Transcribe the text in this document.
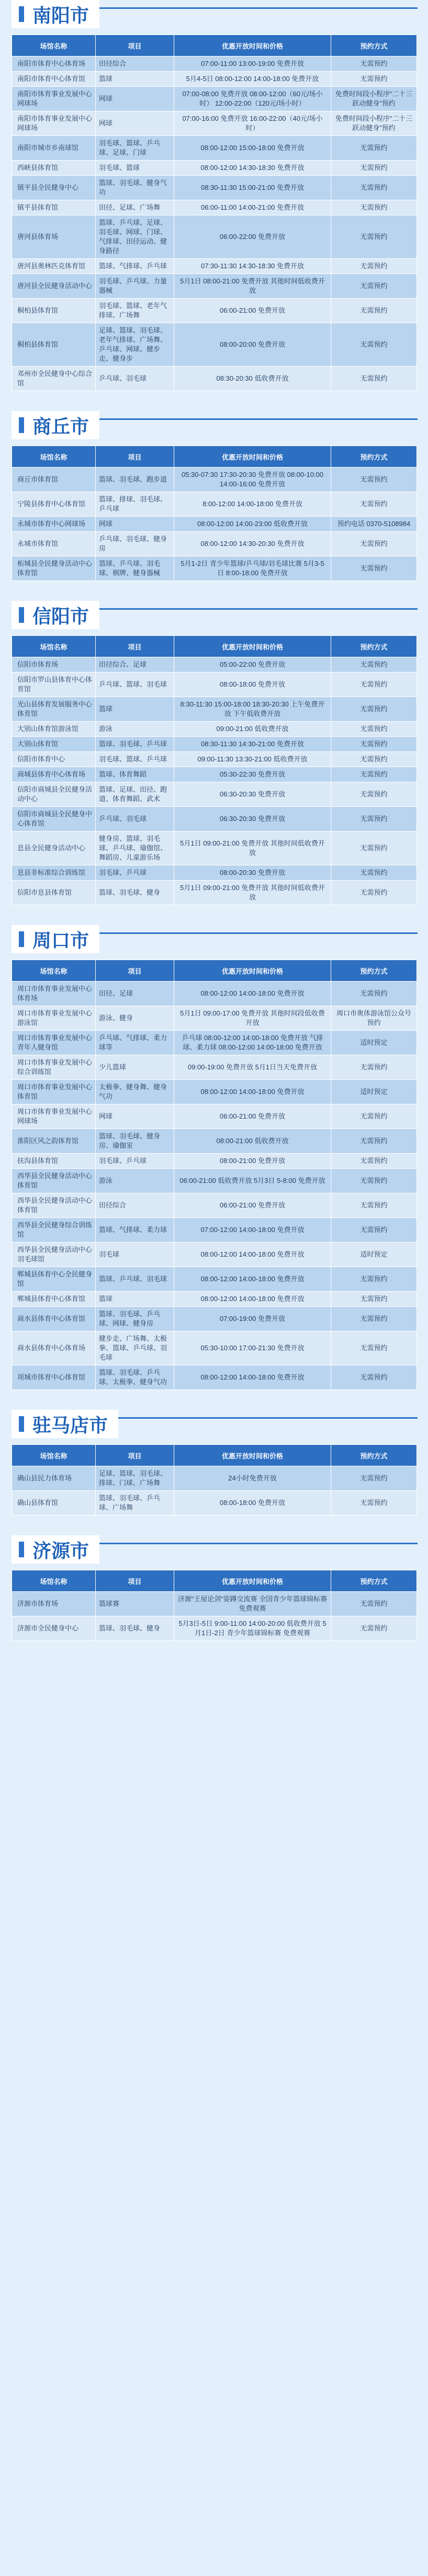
南阳市
场馆名称	项目	优惠开放时间和价格	预约方式
南阳市体育中心体育场	田径综合	07:00-11:00 13:00-19:00 免费开放	无需预约
南阳市体育中心体育馆	篮球	5月4-5日 08:00-12:00 14:00-18:00 免费开放	无需预约
南阳市体育事业发展中心网球场	网球	07:00-08:00 免费开放 08:00-12:00（60元/场小时） 12:00-22:00（120元/场小时）	免费时间段小程序“二十三跃动健身”预约
南阳市体育事业发展中心网球场	网球	07:00-16:00 免费开放 16:00-22:00（40元/场小时）	免费时间段小程序“二十三跃动健身”预约
南阳市城市乡南球馆	羽毛球、篮球、乒乓球、足球、门球	08:00-12:00 15:00-18:00 免费开放	无需预约
西峡县体育馆	羽毛球、篮球	08:00-12:00 14:30-18:30 免费开放	无需预约
镇平县全民健身中心	篮球、羽毛球、健身气功	08:30-11:30 15:00-21:00 免费开放	无需预约
镇平县体育馆	田径、足球、广场舞	06:00-11:00 14:00-21:00 免费开放	无需预约
唐河县体育场	篮球、乒乓球、足球、羽毛球、网球、门球、气排球、田径运动、健身路径	06:00-22:00 免费开放	无需预约
唐河县奥林匹克体育馆	篮球、气排球、乒乓球	07:30-11:30 14:30-18:30 免费开放	无需预约
唐河县全民健身活动中心	羽毛球、乒乓球、力量器械	5月1日 08:00-21:00 免费开放 其他时间低收费开放	无需预约
桐柏县体育馆	羽毛球、篮球、老年气排球、广场舞	06:00-21:00 免费开放	无需预约
桐柏县体育馆	足球、篮球、羽毛球、老年气排球、广场舞、乒乓球、网球、健步走、健身步	08:00-20:00 免费开放	无需预约
邓州市全民健身中心综合馆	乒乓球、羽毛球	08:30-20:30 低收费开放	无需预约
商丘市
场馆名称	项目	优惠开放时间和价格	预约方式
商丘市体育馆	篮球、羽毛球、跑步道	05:30-07:30 17:30-20:30 免费开放 08:00-10:00 14:00-16:00 免费开放	无需预约
宁陵县体育中心体育馆	篮球、排球、羽毛球、乒乓球	8:00-12:00 14:00-18:00 免费开放	无需预约
永城市体育中心网球场	网球	08:00-12:00 14:00-23:00 低收费开放	预约电话 0370-5108984
永城市体育馆	乒乓球、羽毛球、健身房	08:00-12:00 14:30-20:30 免费开放	无需预约
柘城县全民健身活动中心体育馆	篮球、乒乓球、羽毛球、棋牌、健身器械	5月1-2日 青少年篮球/乒乓球/羽毛球比赛 5月3-5日 8:00-18:00 免费开放	无需预约
信阳市
场馆名称	项目	优惠开放时间和价格	预约方式
信阳市体育场	田径综合、足球	05:00-22:00 免费开放	无需预约
信阳市罗山县体育中心体育馆	乒乓球、篮球、羽毛球	08:00-18:00 免费开放	无需预约
光山县体育发展服务中心体育馆	篮球	8:30-11:30 15:00-18:00 18:30-20:30 上午免费开放 下午低收费开放	无需预约
大别山体育馆游泳馆	游泳	09:00-21:00 低收费开放	无需预约
大别山体育馆	篮球、羽毛球、乒乓球	08:30-11:30 14:30-21:00 免费开放	无需预约
信阳市体育中心	羽毛球、篮球、乒乓球	09:00-11:30 13:30-21:00 低收费开放	无需预约
商城县体育中心体育场	篮球、体育舞蹈	05:30-22:30 免费开放	无需预约
信阳市商城县全民健身活动中心	篮球、足球、田径、跑道、体育舞蹈、武术	06:30-20:30 免费开放	无需预约
信阳市商城县全民健身中心体育馆	乒乓球、羽毛球	06:30-20:30 免费开放	无需预约
息县全民健身活动中心	健身房、篮球、羽毛球、乒乓球、瑜伽馆、舞蹈房、儿童游乐场	5月1日 09:00-21:00 免费开放 其他时间低收费开放	无需预约
息县非标准综合训练馆	羽毛球、乒乓球	08:00-20:30 免费开放	无需预约
信阳市息县体育馆	篮球、羽毛球、健身	5月1日 09:00-21:00 免费开放 其他时间低收费开放	无需预约
周口市
场馆名称	项目	优惠开放时间和价格	预约方式
周口市体育事业发展中心体育场	田径、足球	08:00-12:00 14:00-18:00 免费开放	无需预约
周口市体育事业发展中心游泳馆	游泳、健身	5月1日 09:00-17:00 免费开放 其他时间段低收费开放	周口市奥体游泳馆公众号预约
周口市体育事业发展中心青年人健身馆	乒乓球、气排球、柔力球等	乒乓球 08:00-12:00 14:00-18:00 免费开放 气排球、柔力球 08:00-12:00 14:00-18:00 免费开放	适时预定
周口市体育事业发展中心综合训练馆	少儿篮球	09:00-19:00 免费开放 5月1日当天免费开放	无需预约
周口市体育事业发展中心体育馆	太极拳、健身舞、健身气功	08:00-12:00 14:00-18:00 免费开放	适时预定
周口市体育事业发展中心网球场	网球	06:00-21:00 免费开放	无需预约
淮阳区风之韵体育馆	篮球、羽毛球、健身房、瑜伽室	08:00-21:00 低收费开放	无需预约
扶沟县体育馆	羽毛球、乒乓球	08:00-21:00 免费开放	无需预约
西华县全民健身活动中心体育馆	游泳	06:00-21:00 低收费开放 5月3日 5-8:00 免费开放	无需预约
西华县全民健身活动中心体育馆	田径综合	06:00-21:00 免费开放	无需预约
西华县全民健身综合训练馆	篮球、气排球、柔力球	07:00-12:00 14:00-18:00 免费开放	无需预约
西华县全民健身活动中心羽毛球馆	羽毛球	08:00-12:00 14:00-18:00 免费开放	适时预定
郸城县体育中心全民健身馆	篮球、乒乓球、羽毛球	08:00-12:00 14:00-18:00 免费开放	无需预约
郸城县体育中心体育馆	篮球	08:00-12:00 14:00-18:00 免费开放	无需预约
商水县体育中心体育馆	篮球、羽毛球、乒乓球、网球、健身房	07:00-19:00 免费开放	无需预约
商水县体育中心体育场	健步走、广场舞、太极拳、篮球、乒乓球、羽毛球	05:30-10:00 17:00-21:30 免费开放	无需预约
项城市体育中心体育馆	篮球、羽毛球、乒乓球、太极拳、健身气功	08:00-12:00 14:00-18:00 免费开放	无需预约
驻马店市
场馆名称	项目	优惠开放时间和价格	预约方式
确山县民力体育场	足球、篮球、羽毛球、排球、门球、广场舞	24小时免费开放	无需预约
确山县体育馆	篮球、羽毛球、乒乓球、广场舞	08:00-18:00 免费开放	无需预约
济源市
场馆名称	项目	优惠开放时间和价格	预约方式
济源市体育场	篮球赛	济源“王屋论剑”姿蹲交流赛 全国青少年篮球锦标赛 免费观赛	无需预约
济源市全民健身中心	篮球、羽毛球、健身	5月3日-5日 9:00-11:00 14:00-20:00 低收费开放 5月1日-2日 青少年篮球锦标赛 免费观赛	无需预约
